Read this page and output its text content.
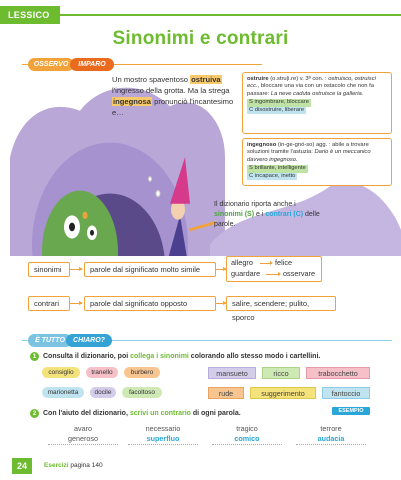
LESSICO
Sinonimi e contrari
OSSERVO	IMPARO
Un mostro spaventoso ostruiva l'ingresso della grotta. Ma la strega ingegnosa pronunciò l'incantesimo e…
ostruire (o.stru|i.re) v. 3ª con. : ostruisco, ostruisci ecc., bloccare una via con un ostacolo che non fa passare: La neve caduta ostruisce la galleria.
S ingombrare, bloccare
C disostruire, liberare
ingegnoso (in-ge-gnó-so) agg. : abile a trovare soluzioni tramite l'astuzia: Dario è un meccanico davvero ingegnoso.
S brillante, intelligente
C incapace, inetto
Il dizionario riporta anche i sinonimi (S) e i contrari (C) delle parole.
sinonimi	parole dal significato molto simile
allegro	felice
guardare	osservare
contrari	parole dal significato opposto	salire, scendere; pulito, sporco
È TUTTO	CHIARO?
1 Consulta il dizionario, poi collega i sinonimi colorando allo stesso modo i cartellini.
consiglio	tranello	burbero
marionetta	docile	facoltoso
mansueto	ricco	trabocchetto
rude	suggerimento	fantoccio
2 Con l'aiuto del dizionario, scrivi un contrario di ogni parola.	ESEMPIO
avaro
generoso
necessario
superfluo
tragico
comico
terrore
audacia
24	Esercizi pagina 140
